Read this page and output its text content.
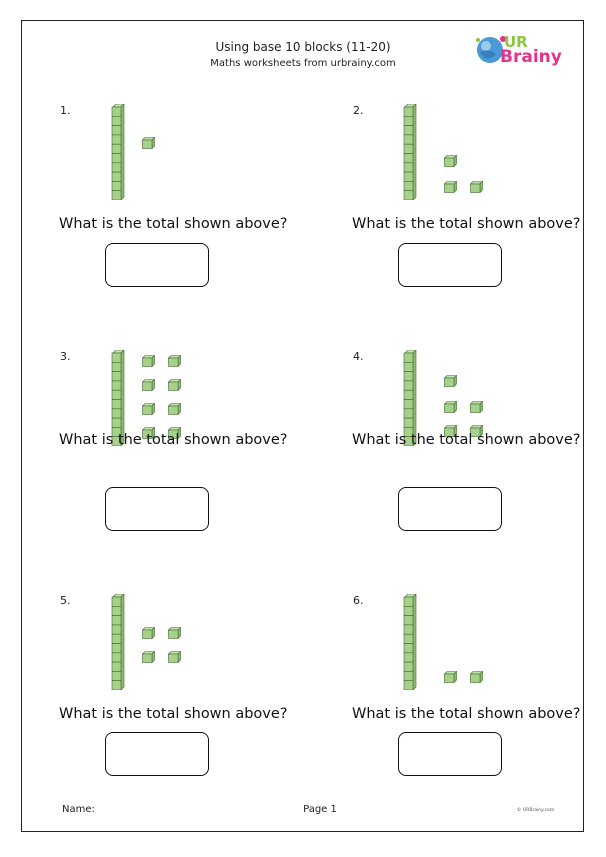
Using base 10 blocks (11-20)
Maths worksheets from urbrainy.com
UR
Brainy
1.
What is the total shown above?
2.
What is the total shown above?
3.
What is the total shown above?
4.
What is the total shown above?
5.
What is the total shown above?
6.
What is the total shown above?
Name:	Page 1	© URBrainy.com
